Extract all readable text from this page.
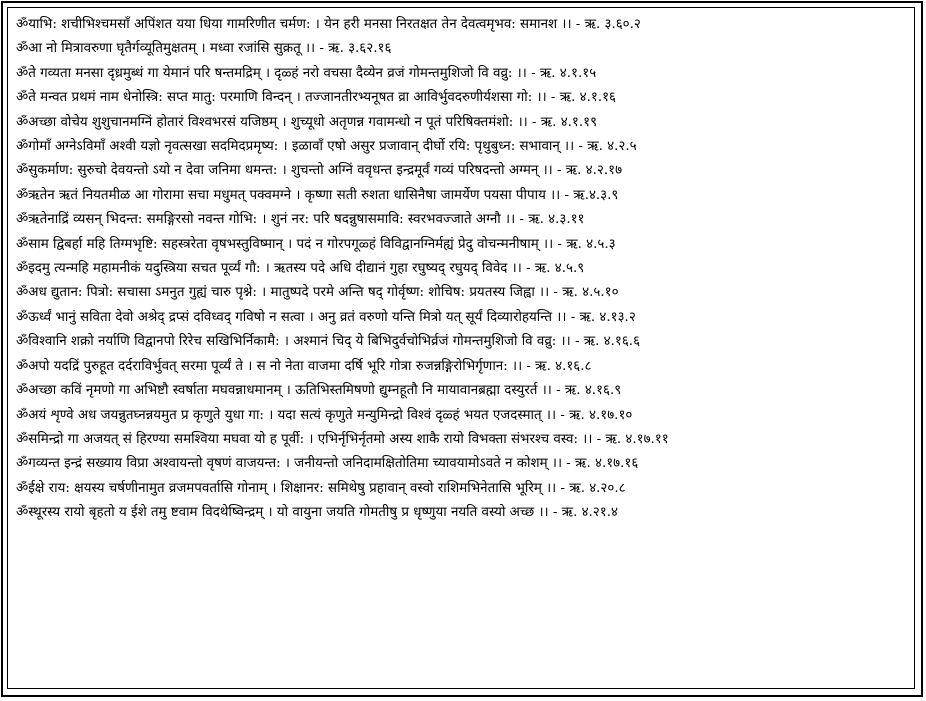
ॐयाभि: शचीभिश्चमसाँ अपिंशत यया धिया गामरिणीत चर्मण: । येन हरी मनसा निरतक्षत तेन देवत्वमृभव: समानश ।। - ऋ. ३.६०.२

ॐआ नो मित्रावरुणा घृतैर्गव्यूतिमुक्षतम् । मध्वा रजांसि सुक्रतू ।। - ऋ. ३.६२.१६

ॐते गव्यता मनसा दृध्रमुब्धं गा येमानं परि षन्तमद्रिम् । दृळ्हं नरो वचसा दैव्येन व्रजं गोमन्तमुशिजो वि वव्रु: ।। - ऋ. ४.१.१५

ॐते मन्वत प्रथमं नाम धेनोस्त्रि: सप्त मातु: परमाणि विन्दन् । तज्जानतीरभ्यनूषत व्रा आविर्भुवदरुणीर्यशसा गो: ।। - ऋ. ४.१.१६

ॐअच्छा वोचेय शुशुचानमग्निं होतारं विश्वभरसं यजिष्ठम् । शुच्यूधो अतृणन्न गवामन्धो न पूतं परिषिक्तमंशो: ।। - ऋ. ४.१.१९

ॐगोमाँ अग्नेऽविमाँ अश्वी यज्ञो नृवत्सखा सदमिदप्रमृष्य: । इळावाँ एषो असुर प्रजावान् दीर्घो रयि: पृथुबुध्न: सभावान् ।। - ऋ. ४.२.५

ॐसुकर्माण: सुरुचो देवयन्तो ऽयो न देवा जनिमा धमन्त: । शुचन्तो अग्निं ववृधन्त इन्द्रमूर्वं गव्यं परिषदन्तो अग्मन् ।। - ऋ. ४.२.१७

ॐऋतेन ऋतं नियतमीळ आ गोरामा सचा मधुमत् पक्वमग्ने । कृष्णा सती रुशता धासिनैषा जामर्येण पयसा पीपाय ।। - ऋ.४.३.९

ॐऋतेनाद्रिं व्यसन् भिदन्त: समङ्गिरसो नवन्त गोभि: । शुनं नर: परि षदन्नुषासमावि: स्वरभवज्जाते अग्नौ ।। - ऋ. ४.३.११

ॐसाम द्विबर्हा महि तिग्मभृष्टि: सहस्त्ररेता वृषभस्तुविष्मान् । पदं न गोरपगूळ्हं विविद्वानग्निर्मह्यं प्रेदु वोचन्मनीषाम् ।। - ऋ. ४.५.३

ॐइदमु त्यन्महि महामनीकं यदुस्त्रिया सचत पूर्व्यं गौ: । ऋतस्य पदे अधि दीद्यानं गुहा रघुष्यद् रघुयद् विवेद ।। - ऋ. ४.५.९

ॐअध द्युतान: पित्रो: सचासा ऽमनुत गुह्यं चारु पृश्ने: । मातुष्पदे परमे अन्ति षद् गोर्वृष्ण: शोचिष: प्रयतस्य जिह्वा ।। - ऋ. ४.५.१०

ॐऊर्ध्वं भानुं सविता देवो अश्रेद् द्रप्सं दविध्वद् गविषो न सत्वा । अनु व्रतं वरुणो यन्ति मित्रो यत् सूर्यं दिव्यारोहयन्ति ।। - ऋ. ४.१३.२

ॐविश्वानि शक्रो नर्याणि विद्वानपो रिरेच सखिभिर्निकामै: । अश्मानं चिद् ये बिभिदुर्वचोभिर्व्रजं गोमन्तमुशिजो वि वव्रु: ।। - ऋ. ४.१६.६

ॐअपो यदद्रिं पुरुहूत दर्दराविर्भुवत् सरमा पूर्व्यं ते । स नो नेता वाजमा दर्षि भूरि गोत्रा रुजन्नङ्गिरोभिर्गृणान: ।। - ऋ. ४.१६.८

ॐअच्छा कविं नृमणो गा अभिष्टौ स्वर्षाता मघवन्नाधमानम् । ऊतिभिस्तमिषणो द्युम्नहूतौ नि मायावानब्रह्मा दस्युरर्त ।। - ऋ. ४.१६.९

ॐअयं शृण्वे अध जयन्नुतघ्नन्नयमुत प्र कृणुते युधा गा: । यदा सत्यं कृणुते मन्युमिन्द्रो विश्वं दृळ्हं भयत एजदस्मात् ।। - ऋ. ४.१७.१०

ॐसमिन्द्रो गा अजयत् सं हिरण्या समश्विया मघवा यो ह पूर्वी: । एभिर्नृभिर्नृतमो अस्य शाकै रायो विभक्ता संभरश्च वस्व: ।। - ऋ. ४.१७.११

ॐगव्यन्त इन्द्रं सख्याय विप्रा अश्वायन्तो वृषणं वाजयन्त: । जनीयन्तो जनिदामक्षितोतिमा च्यावयामोऽवते न कोशम् ।। - ऋ. ४.१७.१६

ॐईक्षे राय: क्षयस्य चर्षणीनामुत व्रजमपवर्तासि गोनाम् । शिक्षानर: समिथेषु प्रहावान् वस्वो राशिमभिनेतासि भूरिम् ।। - ऋ. ४.२०.८

ॐस्थूरस्य रायो बृहतो य ईशे तमु ष्टवाम विदथेष्विन्द्रम् । यो वायुना जयति गोमतीषु प्र धृष्णुया नयति वस्यो अच्छ ।। - ऋ. ४.२१.४
